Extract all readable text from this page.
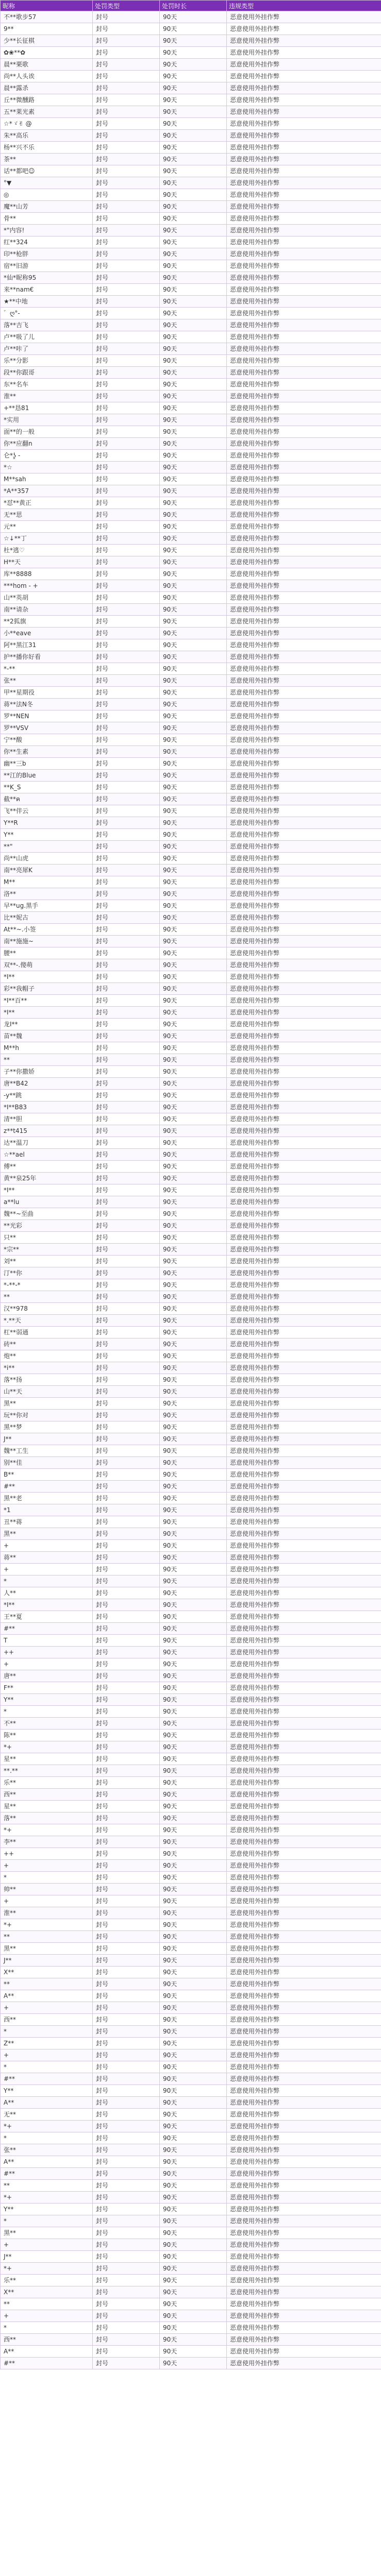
昵称	处罚类型	处罚时长	违规类型
不**歌步57	封号	90天	恶意使用外挂作弊
9**	封号	90天	恶意使用外挂作弊
少**长征棋	封号	90天	恶意使用外挂作弊
✿❀**✿	封号	90天	恶意使用外挂作弊
晨**栗歌	封号	90天	恶意使用外挂作弊
尚**人头诶	封号	90天	恶意使用外挂作弊
晨**露杀	封号	90天	恶意使用外挂作弊
丘**微醺路	封号	90天	恶意使用外挂作弊
五**莱光素	封号	90天	恶意使用外挂作弊
☆*ゞ✌ @	封号	90天	恶意使用外挂作弊
朱**高乐	封号	90天	恶意使用外挂作弊
杨**兴不乐	封号	90天	恶意使用外挂作弊
茶**	封号	90天	恶意使用外挂作弊
话**都吧☺	封号	90天	恶意使用外挂作弊
°▼	封号	90天	恶意使用外挂作弊
◎	封号	90天	恶意使用外挂作弊
魔**山芳	封号	90天	恶意使用外挂作弊
骨**	封号	90天	恶意使用外挂作弊
*"内容!	封号	90天	恶意使用外挂作弊
红**324	封号	90天	恶意使用外挂作弊
印**枪胖	封号	90天	恶意使用外挂作弊
宿**旧游	封号	90天	恶意使用外挂作弊
*仙*昵称95	封号	90天	恶意使用外挂作弊
来**nam€	封号	90天	恶意使用外挂作弊
★**中地	封号	90天	恶意使用外挂作弊
゛ღ°-	封号	90天	恶意使用外挂作弊
落**吉飞	封号	90天	恶意使用外挂作弊
卢**吸了儿	封号	90天	恶意使用外挂作弊
卢**咔了	封号	90天	恶意使用外挂作弊
乐**分影	封号	90天	恶意使用外挂作弊
段**你跟哥	封号	90天	恶意使用外挂作弊
东**名车	封号	90天	恶意使用外挂作弊
淮**	封号	90天	恶意使用外挂作弊
+**恳81	封号	90天	恶意使用外挂作弊
*实用	封号	90天	恶意使用外挂作弊
面**的一般	封号	90天	恶意使用外挂作弊
你**应翻n	封号	90天	恶意使用外挂作弊
仑*ʖ̯ -	封号	90天	恶意使用外挂作弊
*☆	封号	90天	恶意使用外挂作弊
M**sah	封号	90天	恶意使用外挂作弊
*A**357	封号	90天	恶意使用外挂作弊
*怼**黄正	封号	90天	恶意使用外挂作弊
无**思	封号	90天	恶意使用外挂作弊
元**	封号	90天	恶意使用外挂作弊
☆↓**丁	封号	90天	恶意使用外挂作弊
杜*逃♡	封号	90天	恶意使用外挂作弊
H**天	封号	90天	恶意使用外挂作弊
库**8888	封号	90天	恶意使用外挂作弊
***hom - +	封号	90天	恶意使用外挂作弊
山**英胡	封号	90天	恶意使用外挂作弊
南**请杂	封号	90天	恶意使用外挂作弊
**2狐旗	封号	90天	恶意使用外挂作弊
小**eave	封号	90天	恶意使用外挂作弊
阿**黑江31	封号	90天	恶意使用外挂作弊
护**播你好看	封号	90天	恶意使用外挂作弊
*-**	封号	90天	恶意使用外挂作弊
张**	封号	90天	恶意使用外挂作弊
甲**星期役	封号	90天	恶意使用外挂作弊
蒋**法N冬	封号	90天	恶意使用外挂作弊
罗**NEN	封号	90天	恶意使用外挂作弊
罗**ⅤSⅤ	封号	90天	恶意使用外挂作弊
宁**酸	封号	90天	恶意使用外挂作弊
你**生素	封号	90天	恶意使用外挂作弊
幽**三b	封号	90天	恶意使用外挂作弊
**江的Blue	封号	90天	恶意使用外挂作弊
**K_S	封号	90天	恶意使用外挂作弊
截**ฅ	封号	90天	恶意使用外挂作弊
飞**伴云	封号	90天	恶意使用外挂作弊
Y**R	封号	90天	恶意使用外挂作弊
Y**	封号	90天	恶意使用外挂作弊
**"	封号	90天	恶意使用外挂作弊
尚**山虎	封号	90天	恶意使用外挂作弊
南**亮犀K	封号	90天	恶意使用外挂作弊
M**	封号	90天	恶意使用外挂作弊
洛**	封号	90天	恶意使用外挂作弊
早**ug.黑手	封号	90天	恶意使用外挂作弊
比**妮古	封号	90天	恶意使用外挂作弊
At**~.小签	封号	90天	恶意使用外挂作弊
南**施施~	封号	90天	恶意使用外挂作弊
腰**	封号	90天	恶意使用外挂作弊
双**-.傻萌	封号	90天	恶意使用外挂作弊
*I**	封号	90天	恶意使用外挂作弊
彩**我帽子	封号	90天	恶意使用外挂作弊
*I**百**	封号	90天	恶意使用外挂作弊
*I**	封号	90天	恶意使用外挂作弊
龙I**	封号	90天	恶意使用外挂作弊
苗**魏	封号	90天	恶意使用外挂作弊
M**h	封号	90天	恶意使用外挂作弊
**	封号	90天	恶意使用外挂作弊
子**你撒娇	封号	90天	恶意使用外挂作弊
唐**B42	封号	90天	恶意使用外挂作弊
-y**跳	封号	90天	恶意使用外挂作弊
*I**B83	封号	90天	恶意使用外挂作弊
清**胆	封号	90天	恶意使用外挂作弊
z**t415	封号	90天	恶意使用外挂作弊
达**温刀	封号	90天	恶意使用外挂作弊
☆**ael	封号	90天	恶意使用外挂作弊
傅**	封号	90天	恶意使用外挂作弊
黄**泉25年	封号	90天	恶意使用外挂作弊
*I**	封号	90天	恶意使用外挂作弊
a**lu	封号	90天	恶意使用外挂作弊
魏**~至曲	封号	90天	恶意使用外挂作弊
**光彩	封号	90天	恶意使用外挂作弊
只**	封号	90天	恶意使用外挂作弊
*宗**	封号	90天	恶意使用外挂作弊
刘**	封号	90天	恶意使用外挂作弊
汀**你	封号	90天	恶意使用外挂作弊
*-**-*	封号	90天	恶意使用外挂作弊
**	封号	90天	恶意使用外挂作弊
汉**978	封号	90天	恶意使用外挂作弊
*.**天	封号	90天	恶意使用外挂作弊
杠**弱通	封号	90天	恶意使用外挂作弊
砖**	封号	90天	恶意使用外挂作弊
炮**	封号	90天	恶意使用外挂作弊
*i**	封号	90天	恶意使用外挂作弊
落**扬	封号	90天	恶意使用外挂作弊
山**天	封号	90天	恶意使用外挂作弊
黑**	封号	90天	恶意使用外挂作弊
玩**你对	封号	90天	恶意使用外挂作弊
黑**梦	封号	90天	恶意使用外挂作弊
J**	封号	90天	恶意使用外挂作弊
魏**工生	封号	90天	恶意使用外挂作弊
别**佳	封号	90天	恶意使用外挂作弊
B**	封号	90天	恶意使用外挂作弊
#**	封号	90天	恶意使用外挂作弊
黑**老	封号	90天	恶意使用外挂作弊
*1	封号	90天	恶意使用外挂作弊
丑**蒋	封号	90天	恶意使用外挂作弊
黑**	封号	90天	恶意使用外挂作弊
+	封号	90天	恶意使用外挂作弊
蒋**	封号	90天	恶意使用外挂作弊
+	封号	90天	恶意使用外挂作弊
*	封号	90天	恶意使用外挂作弊
人**	封号	90天	恶意使用外挂作弊
*I**	封号	90天	恶意使用外挂作弊
王**夏	封号	90天	恶意使用外挂作弊
#**	封号	90天	恶意使用外挂作弊
T	封号	90天	恶意使用外挂作弊
++	封号	90天	恶意使用外挂作弊
+	封号	90天	恶意使用外挂作弊
唐**	封号	90天	恶意使用外挂作弊
F**	封号	90天	恶意使用外挂作弊
Y**	封号	90天	恶意使用外挂作弊
*	封号	90天	恶意使用外挂作弊
不**	封号	90天	恶意使用外挂作弊
陈**	封号	90天	恶意使用外挂作弊
*+	封号	90天	恶意使用外挂作弊
星**	封号	90天	恶意使用外挂作弊
**.**	封号	90天	恶意使用外挂作弊
乐**	封号	90天	恶意使用外挂作弊
西**	封号	90天	恶意使用外挂作弊
星**	封号	90天	恶意使用外挂作弊
落**	封号	90天	恶意使用外挂作弊
*+	封号	90天	恶意使用外挂作弊
李**	封号	90天	恶意使用外挂作弊
++	封号	90天	恶意使用外挂作弊
+	封号	90天	恶意使用外挂作弊
*	封号	90天	恶意使用外挂作弊
帅**	封号	90天	恶意使用外挂作弊
+	封号	90天	恶意使用外挂作弊
淮**	封号	90天	恶意使用外挂作弊
*+	封号	90天	恶意使用外挂作弊
**	封号	90天	恶意使用外挂作弊
黑**	封号	90天	恶意使用外挂作弊
J**	封号	90天	恶意使用外挂作弊
X**	封号	90天	恶意使用外挂作弊
**	封号	90天	恶意使用外挂作弊
A**	封号	90天	恶意使用外挂作弊
+	封号	90天	恶意使用外挂作弊
西**	封号	90天	恶意使用外挂作弊
*	封号	90天	恶意使用外挂作弊
Z**	封号	90天	恶意使用外挂作弊
+	封号	90天	恶意使用外挂作弊
*	封号	90天	恶意使用外挂作弊
#**	封号	90天	恶意使用外挂作弊
Y**	封号	90天	恶意使用外挂作弊
A**	封号	90天	恶意使用外挂作弊
无**	封号	90天	恶意使用外挂作弊
*+	封号	90天	恶意使用外挂作弊
*	封号	90天	恶意使用外挂作弊
张**	封号	90天	恶意使用外挂作弊
A**	封号	90天	恶意使用外挂作弊
#**	封号	90天	恶意使用外挂作弊
**	封号	90天	恶意使用外挂作弊
*+	封号	90天	恶意使用外挂作弊
Y**	封号	90天	恶意使用外挂作弊
*	封号	90天	恶意使用外挂作弊
黑**	封号	90天	恶意使用外挂作弊
+	封号	90天	恶意使用外挂作弊
J**	封号	90天	恶意使用外挂作弊
*+	封号	90天	恶意使用外挂作弊
乐**	封号	90天	恶意使用外挂作弊
X**	封号	90天	恶意使用外挂作弊
**	封号	90天	恶意使用外挂作弊
+	封号	90天	恶意使用外挂作弊
*	封号	90天	恶意使用外挂作弊
西**	封号	90天	恶意使用外挂作弊
A**	封号	90天	恶意使用外挂作弊
#**	封号	90天	恶意使用外挂作弊
